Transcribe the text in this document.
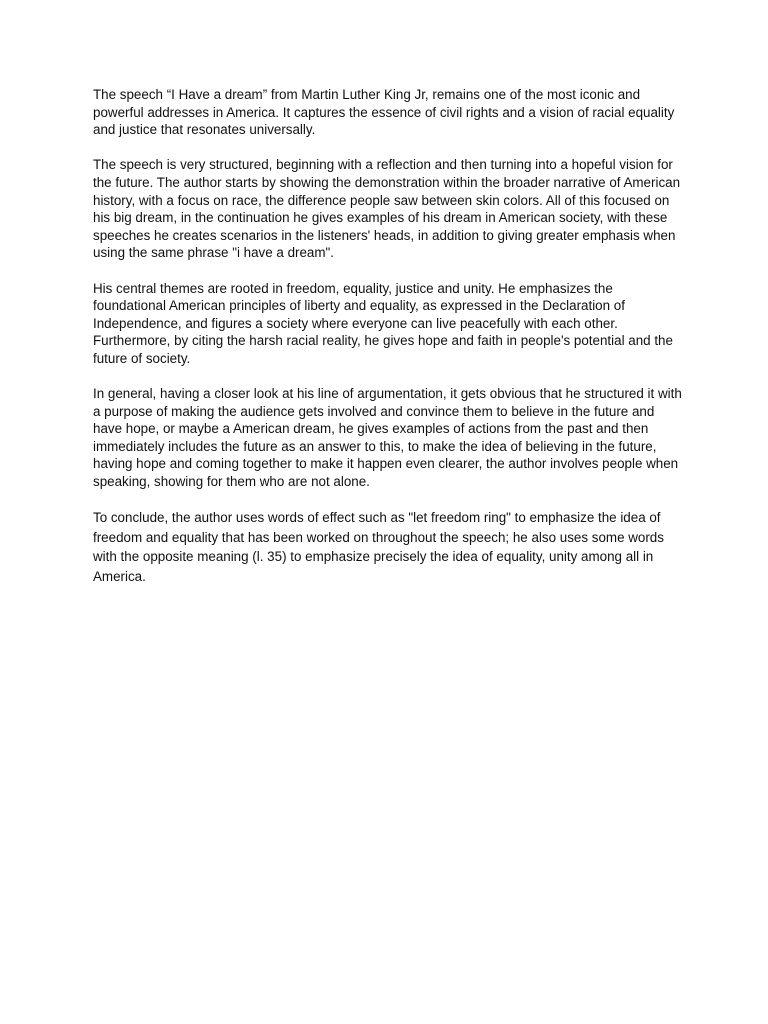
The speech “I Have a dream” from Martin Luther King Jr, remains one of the most iconic and powerful addresses in America. It captures the essence of civil rights and a vision of racial equality and justice that resonates universally.

The speech is very structured, beginning with a reflection and then turning into a hopeful vision for the future. The author starts by showing the demonstration within the broader narrative of American history, with a focus on race, the difference people saw between skin colors. All of this focused on his big dream, in the continuation he gives examples of his dream in American society, with these speeches he creates scenarios in the listeners' heads, in addition to giving greater emphasis when using the same phrase "i have a dream".

His central themes are rooted in freedom, equality, justice and unity. He emphasizes the foundational American principles of liberty and equality, as expressed in the Declaration of Independence, and figures a society where everyone can live peacefully with each other. Furthermore, by citing the harsh racial reality, he gives hope and faith in people's potential and the future of society.

In general, having a closer look at his line of argumentation, it gets obvious that he structured it with a purpose of making the audience gets involved and convince them to believe in the future and have hope, or maybe a American dream, he gives examples of actions from the past and then immediately includes the future as an answer to this, to make the idea of believing in the future, having hope and coming together to make it happen even clearer, the author involves people when speaking, showing for them who are not alone.

To conclude, the author uses words of effect such as "let freedom ring" to emphasize the idea of freedom and equality that has been worked on throughout the speech; he also uses some words with the opposite meaning (l. 35) to emphasize precisely the idea of equality, unity among all in America.
